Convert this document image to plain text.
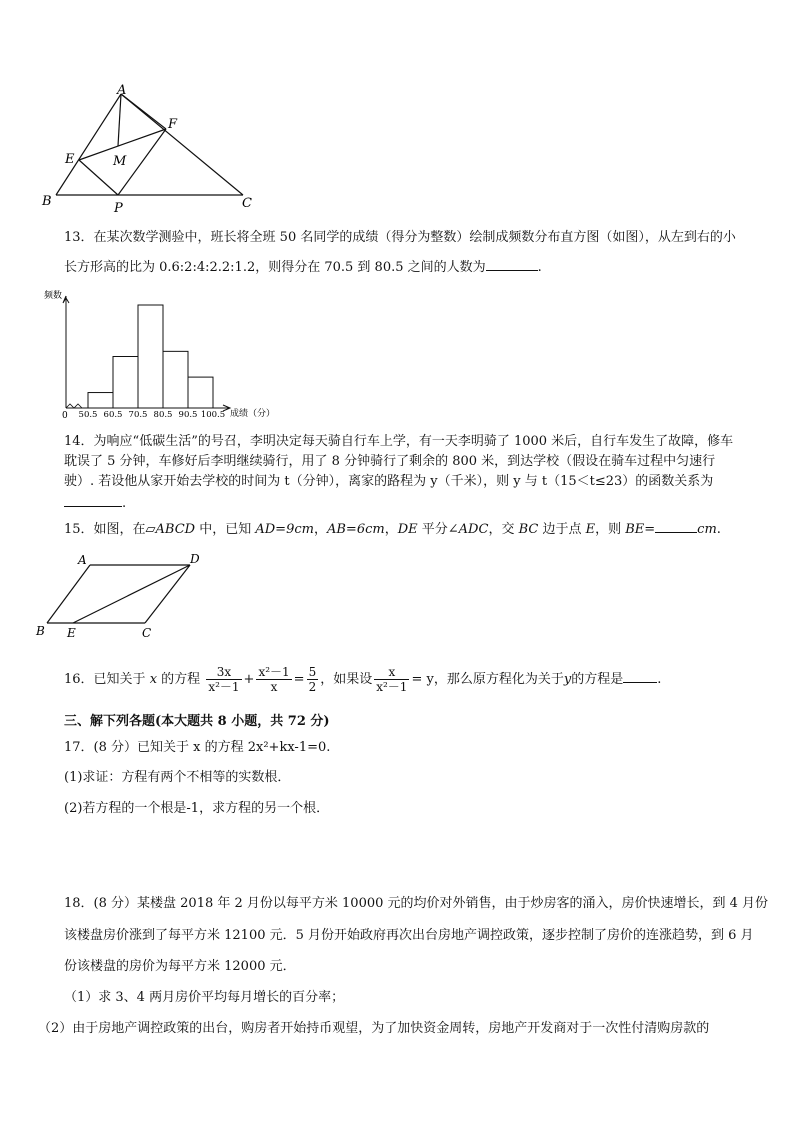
A
F
E	M
B	P	C
13．在某次数学测验中，班长将全班 50 名同学的成绩（得分为整数）绘制成频数分布直方图（如图），从左到右的小
长方形高的比为 0.6:2:4:2.2:1.2，则得分在 70.5 到 80.5 之间的人数为	.
频数
0 50.5 60.5 70.5 80.5 90.5 100.5 成绩（分）
14．为响应“低碳生活”的号召，李明决定每天骑自行车上学，有一天李明骑了 1000 米后，自行车发生了故障，修车
耽误了 5 分钟，车修好后李明继续骑行，用了 8 分钟骑行了剩余的 800 米，到达学校（假设在骑车过程中匀速行
驶）. 若设他从家开始去学校的时间为 t（分钟），离家的路程为 y（千米），则 y 与 t（15＜t≤23）的函数关系为
.
15．如图，在▱ABCD 中，已知 AD=9cm，AB=6cm，DE 平分∠ADC，交 BC 边于点 E，则 BE=	cm.
A	D
B E	C
16．已知关于 x 的方程 $\frac{3x}{\text{x²－1}} + \frac{\text{x²－1}}{x} = \frac{5}{2}$ ，如果设 $\frac{x}{\text{x²－1}} = y$，那么原方程化为关于y的方程是	.
三、解下列各题(本大题共 8 小题，共 72 分)
17．(8 分）已知关于 x 的方程 2x²+kx-1=0.
(1)求证：方程有两个不相等的实数根．
(2)若方程的一个根是-1，求方程的另一个根．
18．(8 分）某楼盘 2018 年 2 月份以每平方米 10000 元的均价对外销售，由于炒房客的涌入，房价快速增长，到 4 月份
该楼盘房价涨到了每平方米 12100 元．5 月份开始政府再次出台房地产调控政策，逐步控制了房价的连涨趋势，到 6 月
份该楼盘的房价为每平方米 12000 元．
（1）求 3、4 两月房价平均每月增长的百分率；
（2）由于房地产调控政策的出台，购房者开始持币观望，为了加快资金周转，房地产开发商对于一次性付清购房款的
